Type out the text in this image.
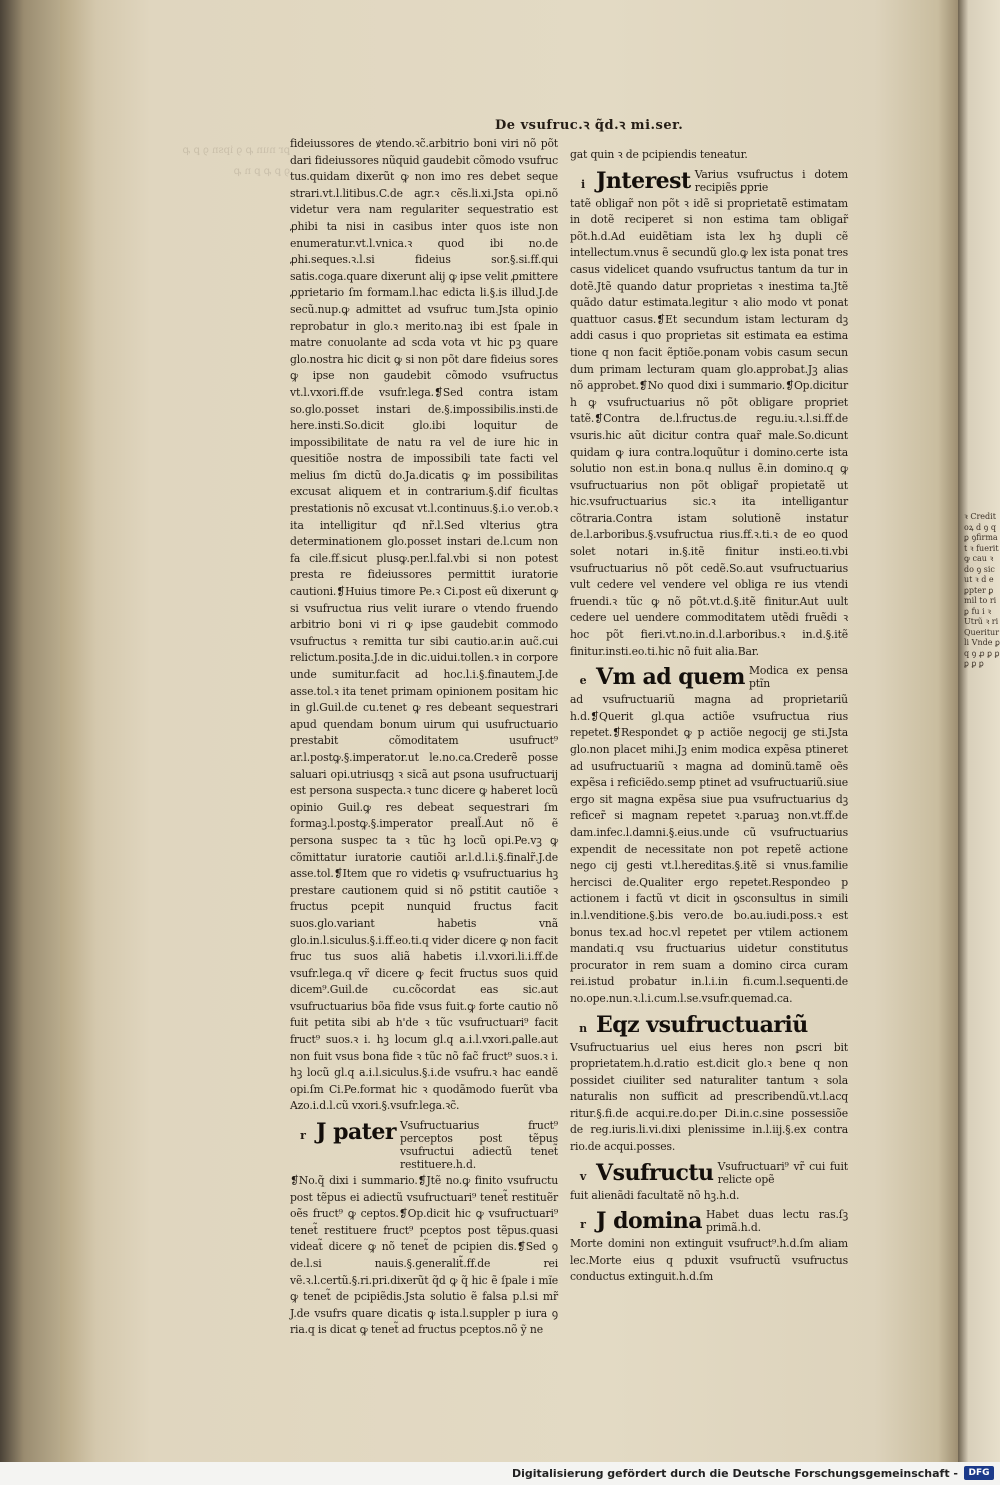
ꝑr nun ꝓ ꝯ ipsn ꝯ ꝑ ꝓ ꝯ ꝑ ꝓ ꝑ n ꝓ
De vsufruc.ꝛ q̃d.ꝛ mi.ser.

fideiussores de ꝟtendo.ꝛc̃.arbitrio boni viri nõ põt dari fideiussores nũquid gaudebit cõmodo vsufruc tus.quidam dixerũt ꝙ non imo res debet seque strari.vt.l.litibus.C.de agr.ꝛ cẽs.li.xi.Jsta opi.nõ videtur vera nam regulariter sequestratio est ꝓhibi ta nisi in casibus inter quos iste non enumeratur.vt.l.vnica.ꝛ quod ibi no.de ꝓhi.seques.ꝛ.l.si fideius sor.§.si.ff.qui satis.coga.quare dixerunt alij ꝙ ipse velit ꝓmittere ꝓprietario ſm formam.l.hac edicta li.§.is illud.J.de secũ.nup.ꝙ admittet ad vsufruc tum.Jsta opinio reprobatur in glo.ꝛ merito.naꝫ ibi est ſpale in matre conuolante ad scda vota vt hic pꝫ quare glo.nostra hic dicit ꝙ si non põt dare fideius sores ꝙ ipse non gaudebit cõmodo vsufructus vt.l.vxori.ff.de vsufr.lega.❡Sed contra istam so.glo.posset instari de.§.impossibilis.insti.de here.insti.So.dicit glo.ibi loquitur de impossibilitate de natu ra vel de iure hic in quesitiõe nostra de impossibili tate facti vel melius ſm dictũ do.Ja.dicatis ꝙ im possibilitas excusat aliquem et in contrarium.§.dif ficultas prestationis nõ excusat vt.l.continuus.§.i.o ver.ob.ꝛ ita intelligitur qđ nr̃.l.Sed vlterius ꝯtra determinationem glo.posset instari de.l.cum non fa cile.ff.sicut plusꝙ.per.l.fal.vbi si non potest presta re fideiussores permittit iuratorie cautioni.❡Huius timore Pe.ꝛ Ci.post eũ dixerunt ꝙ si vsufructua rius velit iurare o vtendo fruendo arbitrio boni vi ri ꝙ ipse gaudebit commodo vsufructus ꝛ remitta tur sibi cautio.ar.in auc̃.cui relictum.posita.J.de in dic.uidui.tollen.ꝛ in corpore unde sumitur.facit ad hoc.l.i.§.finautem.J.de asse.tol.ꝛ ita tenet primam opinionem positam hic in gl.Guil.de cu.tenet ꝙ res debeant sequestrari apud quendam bonum uirum qui usufructuario prestabit cõmoditatem usufruct⁹ ar.l.postꝙ.§.imperator.ut le.no.ca.Crederẽ posse saluari opi.utriusqꝫ ꝛ sicã aut ꝑsona usufructuarij est persona suspecta.ꝛ tunc dicere ꝙ haberet locũ opinio Guil.ꝙ res debeat sequestrari ſm formaꝫ.l.postꝙ.§.imperator preall̃.Aut nõ ẽ persona suspec ta ꝛ tũc hꝫ locũ opi.Pe.vꝫ ꝙ cõmittatur iuratorie cautiõi ar.l.d.l.i.§.finalr̃.J.de asse.tol.❡Item que ro videtis ꝙ vsufructuarius hꝫ prestare cautionem quid si nõ ꝑstitit cautiõe ꝛ fructus pcepit nunquid fructus facit suos.glo.variant habetis vnã glo.in.l.siculus.§.i.ff.eo.ti.q vider dicere ꝙ non facit fruc tus suos aliã habetis i.l.vxori.li.i.ff.de vsufr.lega.q vr̃ dicere ꝙ fecit fructus suos quid dicem⁹.Guil.de cu.cõcordat eas sic.aut vsufructuarius bõa fide vsus fuit.ꝙ forte cautio nõ fuit petita sibi ab h'de ꝛ tũc vsufructuari⁹ facit fruct⁹ suos.ꝛ i. hꝫ locum gl.q a.i.l.vxori.ꝑalle.aut non fuit vsus bona fide ꝛ tũc nõ fac̃ fruct⁹ suos.ꝛ i. hꝫ locũ gl.q a.i.l.siculus.§.i.de vsufru.ꝛ hac eandẽ opi.ſm Ci.Pe.format hic ꝛ quodãmodo fuerũt vba Azo.i.d.l.cũ vxori.§.vsufr.lega.ꝛc̃.

r J pater Vsufructuarius fruct⁹ perceptos post tẽpus vsufructui adiectũ tenet̃ restituere.h.d.

❡No.q̃ dixi i summario.❡Jtẽ no.ꝙ finito vsufructu post tẽpus ei adiectũ vsufructuari⁹ tenet̃ restituẽr oẽs fruct⁹ ꝙ ceptos.❡Op.dicit hic ꝙ vsufructuari⁹ tenet̃ restituere fruct⁹ pceptos post tẽpus.quasi videat̃ dicere ꝙ nõ tenet̃ de pcipien dis.❡Sed ꝯ de.l.si nauis.§.generalit̃.ff.de rei vẽ.ꝛ.l.certũ.§.ri.pri.dixerũt q̃d ꝙ q̃ hic ẽ ſpale i mĩe ꝙ tenet̃ de pcipiẽdis.Jsta solutio ẽ falsa p.l.si mr̃ J.de vsufrs quare dicatis ꝙ ista.l.suppler p iura ꝯ ria.q is dicat ꝙ tenet̃ ad fructus pceptos.nõ ỹ ne

gat quin ꝛ de pcipiendis teneatur.

i Jnterest Varius vsufructus i dotem recipiẽs ꝑprie

tatẽ obligar̃ non põt ꝛ idẽ si proprietatẽ estimatam in dotẽ reciperet si non estima tam obligar̃ põt.h.d.Ad euidẽtiam ista lex hꝫ dupli cẽ intellectum.vnus ẽ secundũ glo.ꝙ lex ista ponat tres casus videlicet quando vsufructus tantum da tur in dotẽ.Jtẽ quando datur proprietas ꝛ inestima ta.Jtẽ quãdo datur estimata.legitur ꝛ alio modo vt ponat quattuor casus.❡Et secundum istam lecturam dꝫ addi casus i quo proprietas sit estimata ea estima tione q non facit ẽptiõe.ponam vobis casum secun dum primam lecturam quam glo.approbat.Jꝫ alias nõ approbet.❡No quod dixi i summario.❡Op.dicitur h ꝙ vsufructuarius nõ põt obligare propriet tatẽ.❡Contra de.l.fructus.de regu.iu.ꝛ.l.si.ff.de vsuris.hic aũt dicitur contra quar̃ male.So.dicunt quidam ꝙ iura contra.loquũtur i domino.certe ista solutio non est.in bona.q nullus ẽ.in domino.q ꝙ vsufructuarius non põt obligar̃ propietatẽ ut hic.vsufructuarius sic.ꝛ ita intelligantur cõtraria.Contra istam solutionẽ instatur de.l.arboribus.§.vsufructua rius.ff.ꝛ.ti.ꝛ de eo quod solet notari in.§.itẽ finitur insti.eo.ti.vbi vsufructuarius nõ põt cedẽ.So.aut vsufructuarius vult cedere vel vendere vel obliga re ius vtendi fruendi.ꝛ tũc ꝙ nõ põt.vt.d.§.itẽ finitur.Aut uult cedere uel uendere commoditatem utẽdi fruẽdi ꝛ hoc põt fieri.vt.no.in.d.l.arboribus.ꝛ in.d.§.itẽ finitur.insti.eo.ti.hic nõ fuit alia.Bar.

e Vm ad quem Modica ex pensa ptĩn

ad vsufructuariũ magna ad proprietariũ h.d.❡Querit gl.qua actiõe vsufructua rius repetet.❡Respondet ꝙ p actiõe negocij ge sti.Jsta glo.non placet mihi.Jꝫ enim modica expẽsa ptineret ad usufructuariũ ꝛ magna ad dominũ.tamẽ oẽs expẽsa i reficiẽdo.semp ptinet ad vsufructuariũ.siue ergo sit magna expẽsa siue pua vsufructuarius dꝫ reficer̃ si magnam repetet ꝛ.paruaꝫ non.vt.ff.de dam.infec.l.damni.§.eius.unde cũ vsufructuarius expendit de necessitate non pot repetẽ actione nego cij gesti vt.l.hereditas.§.itẽ si vnus.familie hercisci de.Qualiter ergo repetet.Respondeo p actionem i factũ vt dicit in ꝯsconsultus in simili in.l.venditione.§.bis vero.de bo.au.iudi.poss.ꝛ est bonus tex.ad hoc.vl repetet per vtilem actionem mandati.q vsu fructuarius uidetur constitutus procurator in rem suam a domino circa curam rei.istud probatur in.l.i.in fi.cum.l.sequenti.de no.ope.nun.ꝛ.l.i.cum.l.se.vsufr.quemad.ca.

n Eqz vsufructuariũ

Vsufructuarius uel eius heres non ꝑscri bit proprietatem.h.d.ratio est.dicit glo.ꝛ bene q non possidet ciuiliter sed naturaliter tantum ꝛ sola naturalis non sufficit ad prescribendũ.vt.l.acq ritur.§.fi.de acqui.re.do.per Di.in.c.sine possessiõe de reg.iuris.li.vi.dixi plenissime in.l.iij.§.ex contra rio.de acqui.posses.

v Vsufructu Vsufructuari⁹ vr̃ cui fuit relicte opẽ

fuit alienãdi facultatẽ nõ hꝫ.h.d.

r J domina Habet duas lectu ras.ſꝫ primã.h.d.

Morte domini non extinguit vsufruct⁹.h.d.ſm aliam lec.Morte eius q pduxit vsufructũ vsufructus conductus extinguit.h.d.ſm

ꝛ Creditoꝝ d ꝯ q ꝑ ꝯfirmat ꝛ fuerit ꝙ cau ꝛ do ꝯ sicut ꝛ d e ꝑpter ꝑ mil to ri ꝑ fu i ꝛ Utrũ ꝛ ri Queritur li Vnde ꝑ q ꝯ ꝓ ꝑ ꝑ ꝑ ꝑ ꝑ
Digitalisierung gefördert durch die Deutsche Forschungsgemeinschaft -	DFG
